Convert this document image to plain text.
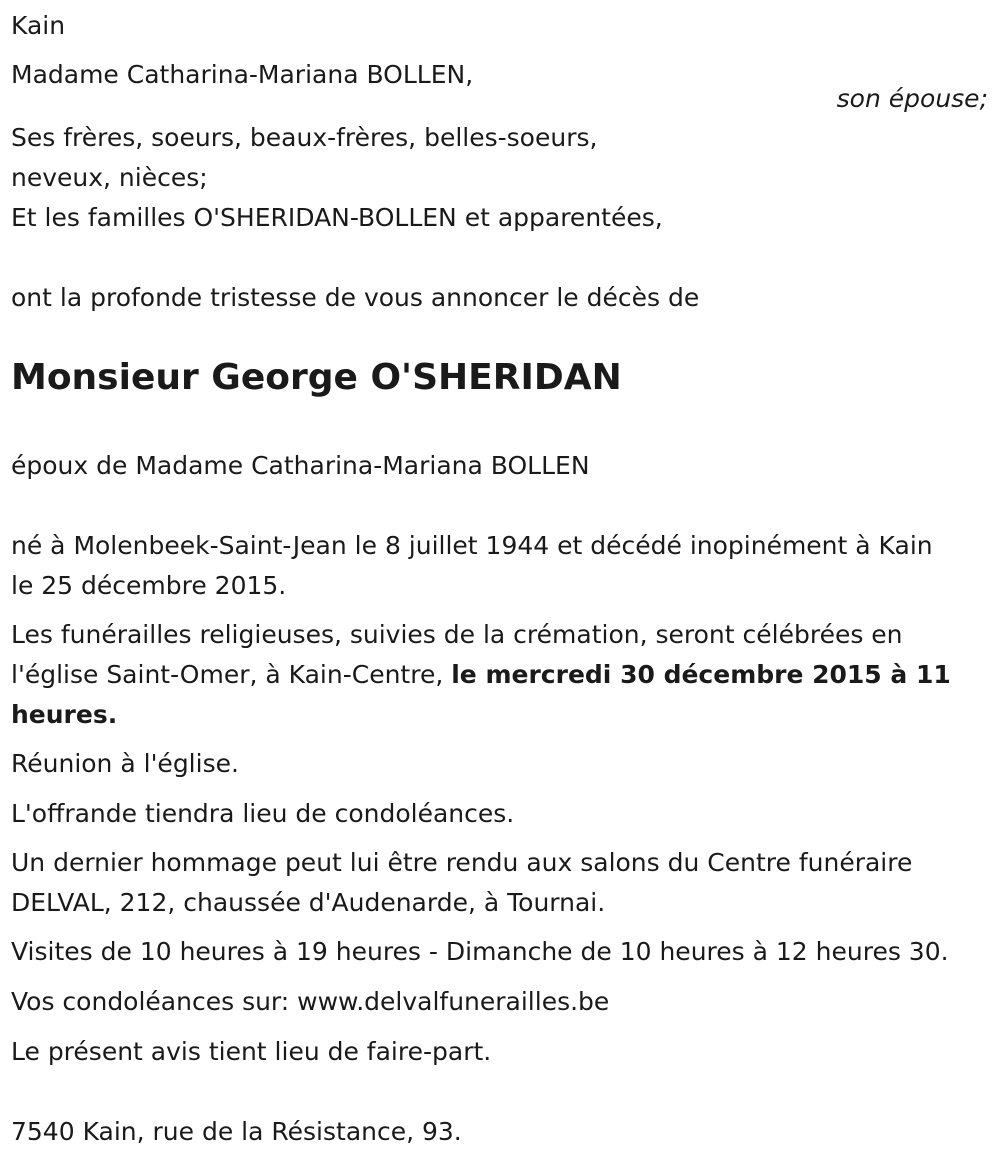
Kain

Madame Catharina-Mariana BOLLEN,

son épouse;

Ses frères, soeurs, beaux-frères, belles-soeurs,

neveux, nièces;

Et les familles O'SHERIDAN-BOLLEN et apparentées,

ont la profonde tristesse de vous annoncer le décès de

Monsieur George O'SHERIDAN

époux de Madame Catharina-Mariana BOLLEN

né à Molenbeek-Saint-Jean le 8 juillet 1944 et décédé inopinément à Kain

le 25 décembre 2015.

Les funérailles religieuses, suivies de la crémation, seront célébrées en

l'église Saint-Omer, à Kain-Centre, le mercredi 30 décembre 2015 à 11

heures.

Réunion à l'église.

L'offrande tiendra lieu de condoléances.

Un dernier hommage peut lui être rendu aux salons du Centre funéraire

DELVAL, 212, chaussée d'Audenarde, à Tournai.

Visites de 10 heures à 19 heures - Dimanche de 10 heures à 12 heures 30.

Vos condoléances sur: www.delvalfunerailles.be

Le présent avis tient lieu de faire-part.

7540 Kain, rue de la Résistance, 93.
